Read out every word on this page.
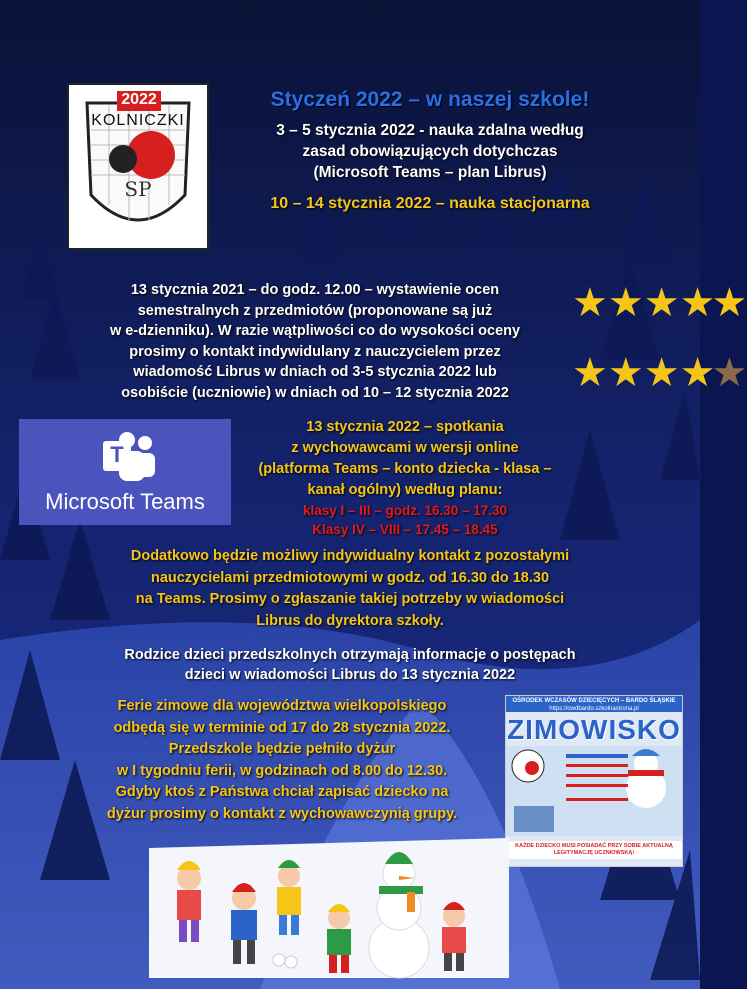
Styczeń 2022 – w naszej szkole!
3 – 5 stycznia 2022 - nauka zdalna według
zasad obowiązujących dotychczas
(Microsoft Teams – plan Librus)
10 – 14 stycznia 2022 – nauka stacjonarna
2022
KOLNICZKI
SP
13 stycznia 2021 – do godz. 12.00 – wystawienie ocen
semestralnych z przedmiotów (proponowane są już
w e-dzienniku). W razie wątpliwości co do wysokości oceny
prosimy o kontakt indywidulany z nauczycielem przez
wiadomość Librus w dniach od 3-5 stycznia 2022 lub
osobiście (uczniowie) w dniach od 10 – 12 stycznia 2022
★★★★★
★★★★★
T
Microsoft Teams
13 stycznia 2022 – spotkania
z wychowawcami w wersji online
(platforma Teams – konto dziecka - klasa –
kanał ogólny) według planu:
klasy I – III – godz. 16.30 – 17.30
Klasy IV – VIII – 17.45 – 18.45
Dodatkowo będzie możliwy indywidualny kontakt z pozostałymi
nauczycielami przedmiotowymi w godz. od 16.30 do 18.30
na Teams. Prosimy o zgłaszanie takiej potrzeby w wiadomości
Librus do dyrektora szkoły.
Rodzice dzieci przedszkolnych otrzymają informacje o postępach
dzieci w wiadomości Librus do 13 stycznia 2022
Ferie zimowe dla województwa wielkopolskiego
odbędą się w terminie od 17 do 28 stycznia 2022.
Przedszkole będzie pełniło dyżur
w I tygodniu ferii, w godzinach od 8.00 do 12.30.
Gdyby ktoś z Państwa chciał zapisać dziecko na
dyżur prosimy o kontakt z wychowawczynią grupy.
OŚRODEK WCZASÓW DZIECIĘCYCH – BARDO ŚLĄSKIE
https://owdbardo.szkolnastrona.pl
ZIMOWISKO
KAŻDE DZIECKO MUSI POSIADAĆ PRZY SOBIE AKTUALNĄ LEGITYMACJĘ UCZNIOWSKĄ!
